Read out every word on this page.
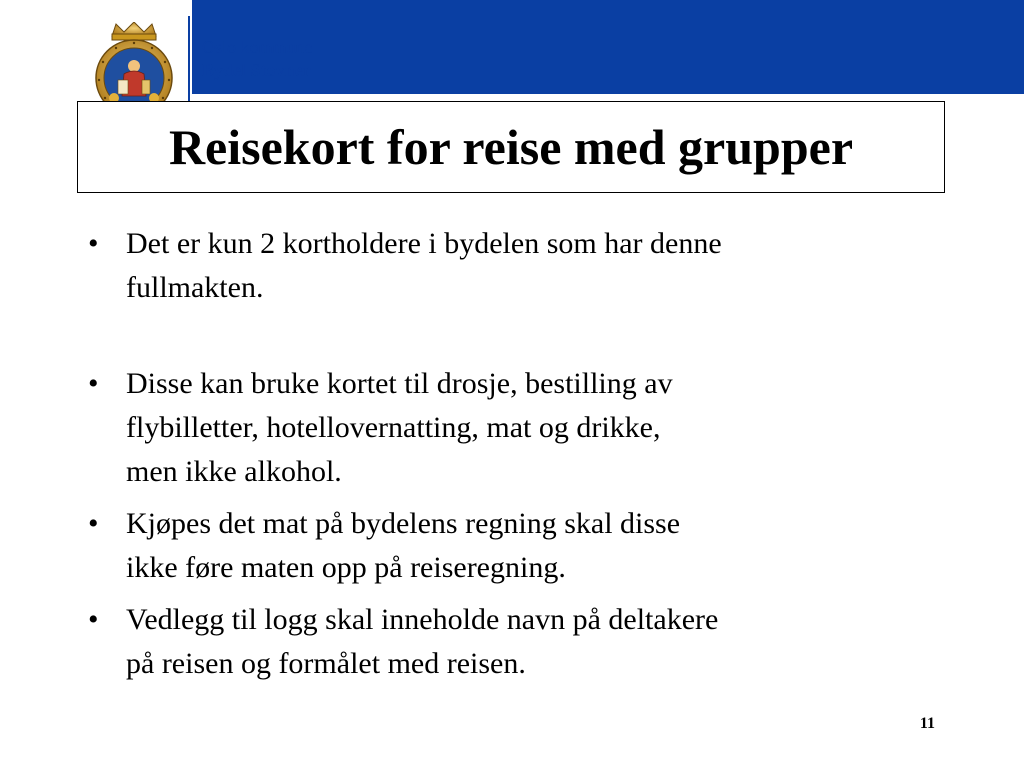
Oslo kommune
Bydel Stovner
Reisekort for reise med grupper
• Det er kun 2 kortholdere i bydelen som har denne
fullmakten.
• Disse kan bruke kortet til drosje, bestilling av
flybilletter, hotellovernatting, mat og drikke,
men ikke alkohol.
• Kjøpes det mat på bydelens regning skal disse
ikke føre maten opp på reiseregning.
• Vedlegg til logg skal inneholde navn på deltakere
på reisen og formålet med reisen.
11
